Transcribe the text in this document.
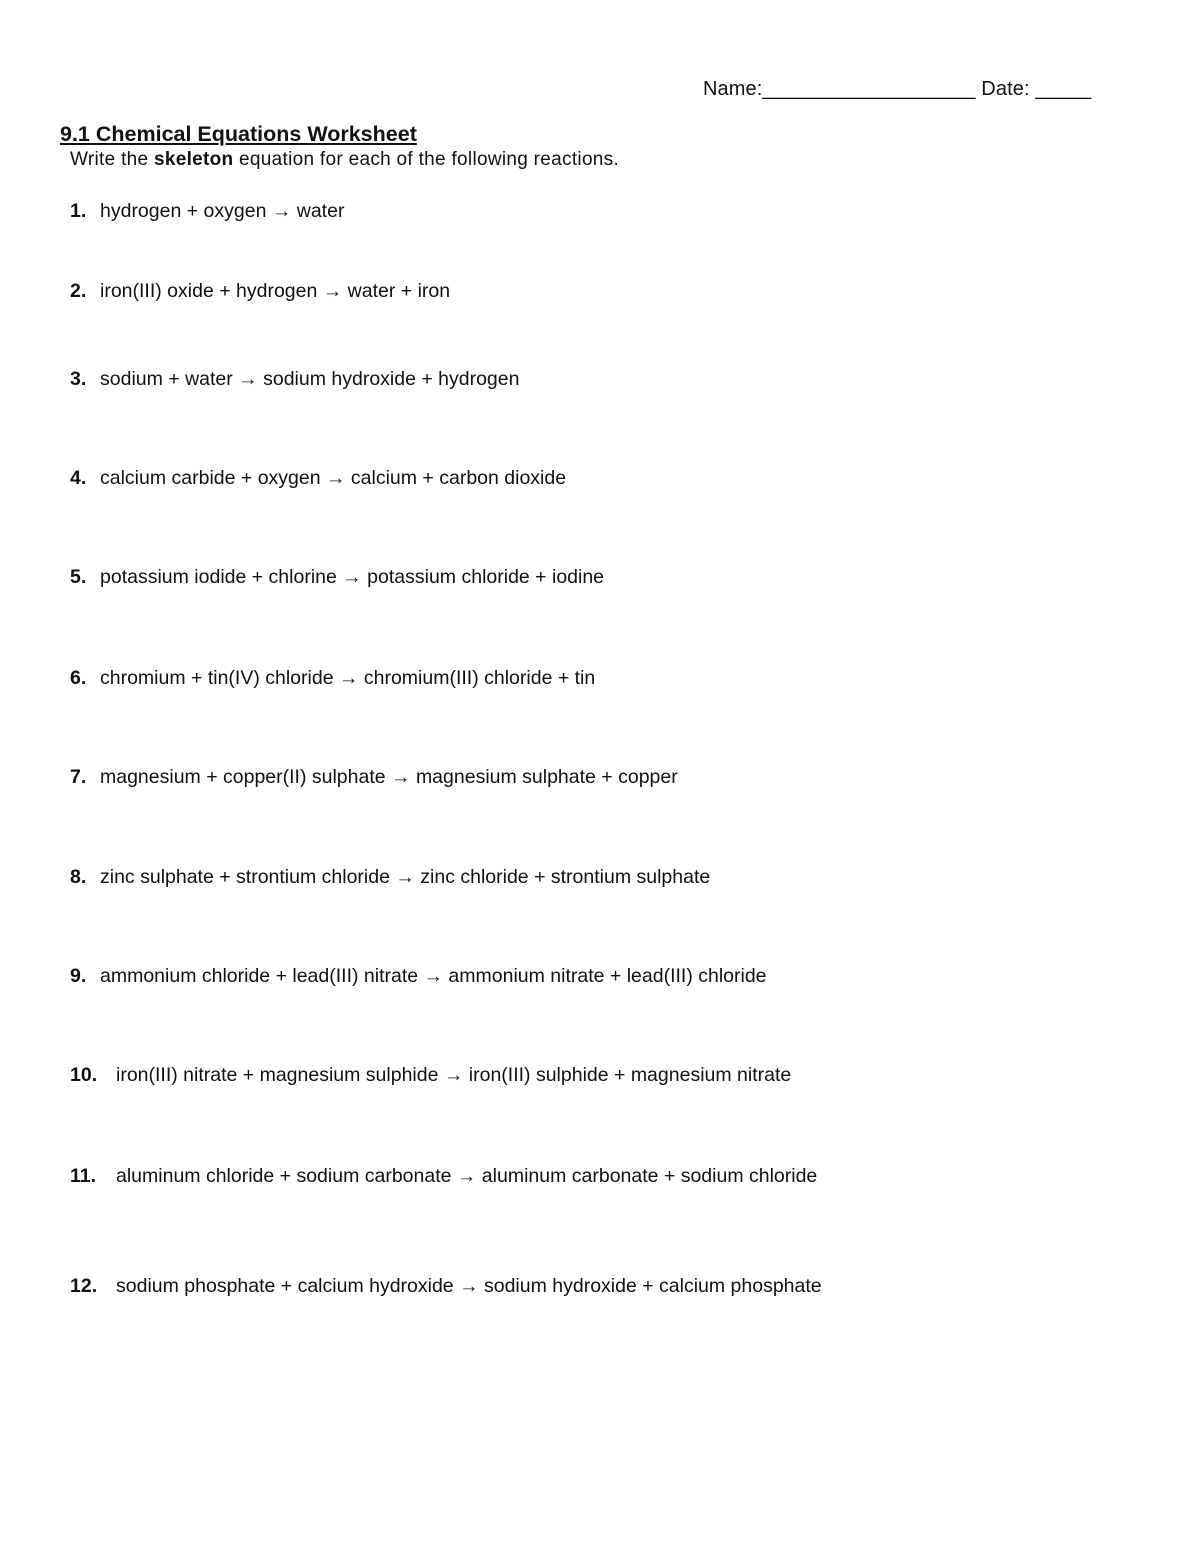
Name:___________________ Date: _____
9.1 Chemical Equations Worksheet
Write the skeleton equation for each of the following reactions.
1. hydrogen + oxygen → water
2. iron(III) oxide + hydrogen → water + iron
3. sodium + water → sodium hydroxide + hydrogen
4. calcium carbide + oxygen → calcium + carbon dioxide
5. potassium iodide + chlorine → potassium chloride + iodine
6. chromium + tin(IV) chloride → chromium(III) chloride + tin
7. magnesium + copper(II) sulphate → magnesium sulphate + copper
8. zinc sulphate + strontium chloride → zinc chloride + strontium sulphate
9. ammonium chloride + lead(III) nitrate → ammonium nitrate + lead(III) chloride
10. iron(III) nitrate + magnesium sulphide → iron(III) sulphide + magnesium nitrate
11. aluminum chloride + sodium carbonate → aluminum carbonate + sodium chloride
12. sodium phosphate + calcium hydroxide → sodium hydroxide + calcium phosphate
